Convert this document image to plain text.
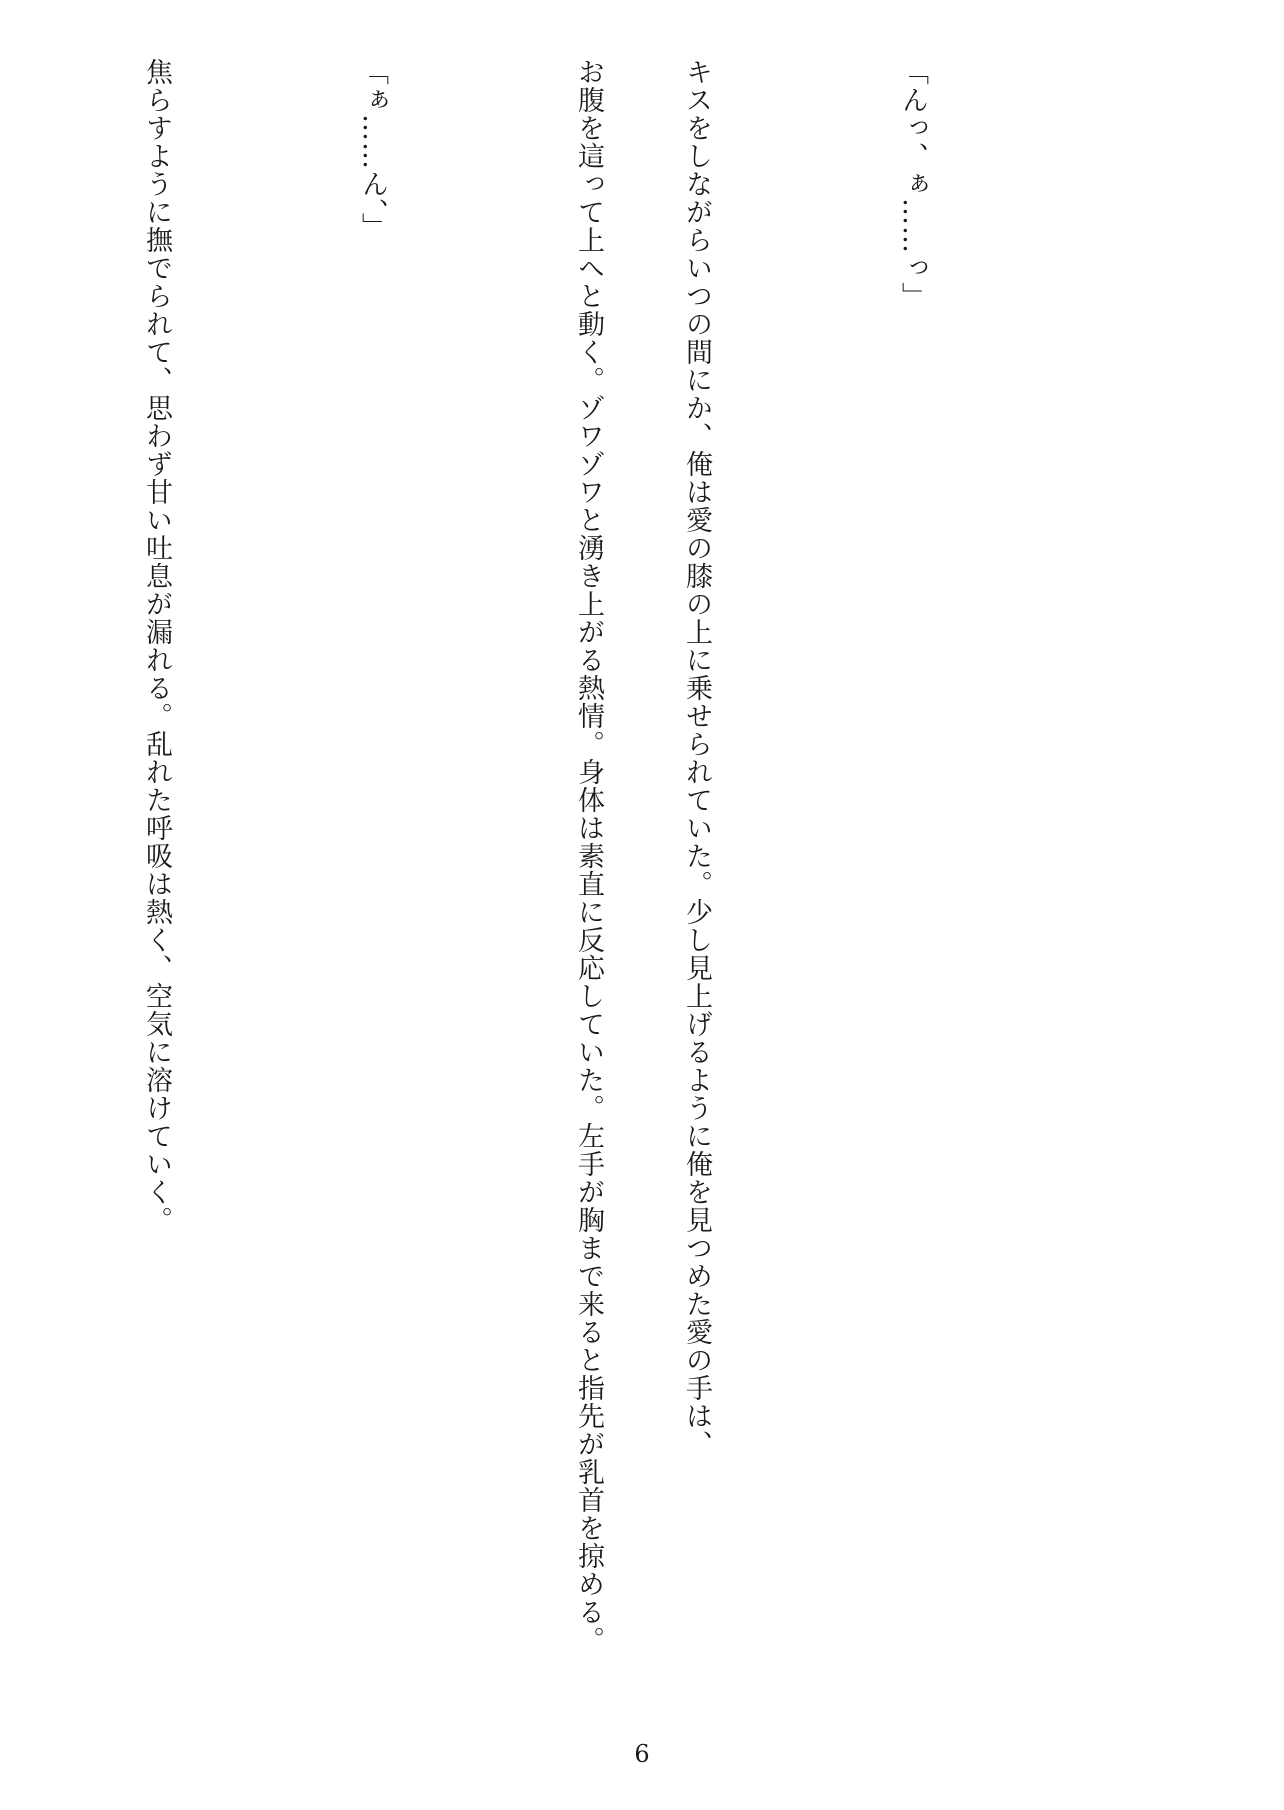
「んっ、ぁ……っ」

キスをしながらいつの間にか、俺は愛の膝の上に乗せられていた。少し見上げるように俺を見つめた愛の手は、

お腹を這って上へと動く。ゾワゾワと湧き上がる熱情。身体は素直に反応していた。左手が胸まで来ると指先が乳首を掠める。

「ぁ……ん、」

焦らすように撫でられて、思わず甘い吐息が漏れる。乱れた呼吸は熱く、空気に溶けていく。

6
